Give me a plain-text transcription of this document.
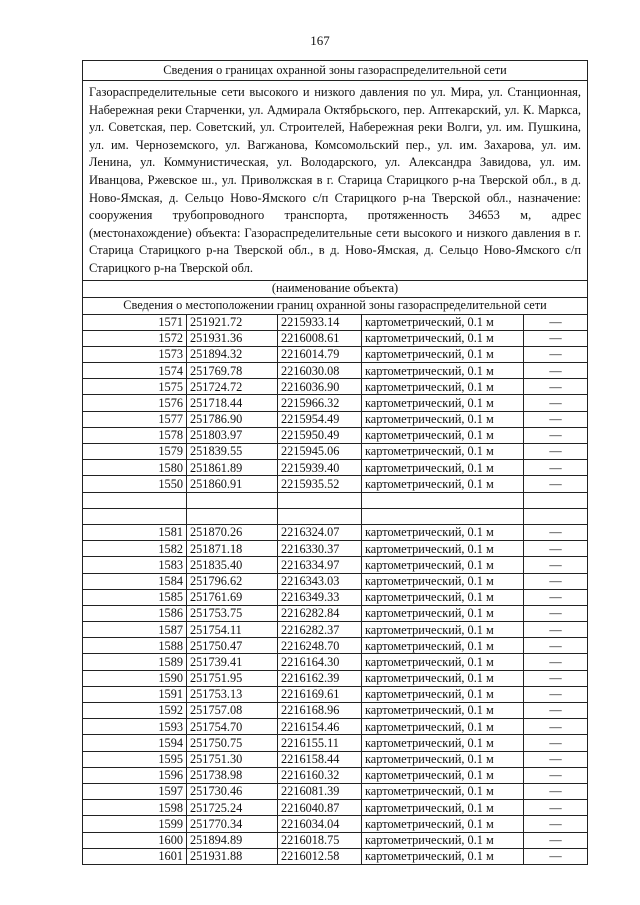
167
Сведения о границах охранной зоны газораспределительной сети				
Газораспределительные сети высокого и низкого давления по ул. Мира, ул. Станционная, Набережная реки Старченки, ул. Адмирала Октябрьского, пер. Аптекарский, ул. К. Маркса, ул. Советская, пер. Советский, ул. Строителей, Набережная реки Волги, ул. им. Пушкина, ул. им. Черноземского, ул. Вагжанова, Комсомольский пер., ул. им. Захарова, ул. им. Ленина, ул. Коммунистическая, ул. Володарского, ул. Александра Завидова, ул. им. Иванцова, Ржевское ш., ул. Приволжская в г. Старица Старицкого р-на Тверской обл., в д. Ново-Ямская, д. Сельцо Ново-Ямского с/п Старицкого р-на Тверской обл., назначение: сооружения трубопроводного транспорта, протяженность 34653 м, адрес (местонахождение) объекта: Газораспределительные сети высокого и низкого давления в г. Старица Старицкого р-на Тверской обл., в д. Ново-Ямская, д. Сельцо Ново-Ямского с/п Старицкого р-на Тверской обл.				
(наименование объекта)				
Сведения о местоположении границ охранной зоны газораспределительной сети				
1571	251921.72	2215933.14	картометрический, 0.1 м	—
1572	251931.36	2216008.61	картометрический, 0.1 м	—
1573	251894.32	2216014.79	картометрический, 0.1 м	—
1574	251769.78	2216030.08	картометрический, 0.1 м	—
1575	251724.72	2216036.90	картометрический, 0.1 м	—
1576	251718.44	2215966.32	картометрический, 0.1 м	—
1577	251786.90	2215954.49	картометрический, 0.1 м	—
1578	251803.97	2215950.49	картометрический, 0.1 м	—
1579	251839.55	2215945.06	картометрический, 0.1 м	—
1580	251861.89	2215939.40	картометрический, 0.1 м	—
1550	251860.91	2215935.52	картометрический, 0.1 м	—

1581	251870.26	2216324.07	картометрический, 0.1 м	—
1582	251871.18	2216330.37	картометрический, 0.1 м	—
1583	251835.40	2216334.97	картометрический, 0.1 м	—
1584	251796.62	2216343.03	картометрический, 0.1 м	—
1585	251761.69	2216349.33	картометрический, 0.1 м	—
1586	251753.75	2216282.84	картометрический, 0.1 м	—
1587	251754.11	2216282.37	картометрический, 0.1 м	—
1588	251750.47	2216248.70	картометрический, 0.1 м	—
1589	251739.41	2216164.30	картометрический, 0.1 м	—
1590	251751.95	2216162.39	картометрический, 0.1 м	—
1591	251753.13	2216169.61	картометрический, 0.1 м	—
1592	251757.08	2216168.96	картометрический, 0.1 м	—
1593	251754.70	2216154.46	картометрический, 0.1 м	—
1594	251750.75	2216155.11	картометрический, 0.1 м	—
1595	251751.30	2216158.44	картометрический, 0.1 м	—
1596	251738.98	2216160.32	картометрический, 0.1 м	—
1597	251730.46	2216081.39	картометрический, 0.1 м	—
1598	251725.24	2216040.87	картометрический, 0.1 м	—
1599	251770.34	2216034.04	картометрический, 0.1 м	—
1600	251894.89	2216018.75	картометрический, 0.1 м	—
1601	251931.88	2216012.58	картометрический, 0.1 м	—
